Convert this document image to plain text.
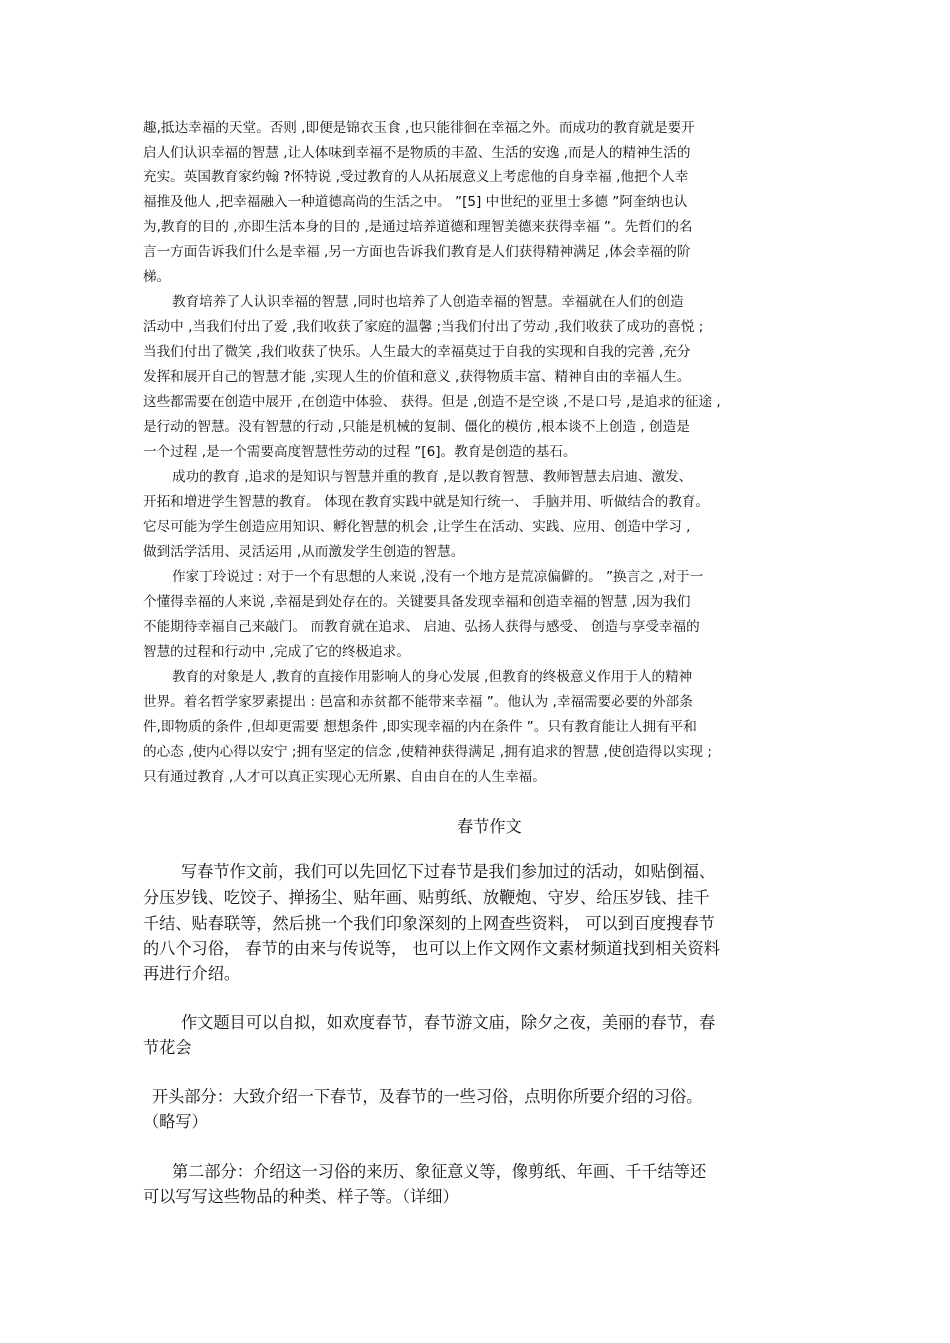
趣,抵达幸福的天堂。否则 ,即便是锦衣玉食 ,也只能徘徊在幸福之外。而成功的教育就是要开

启人们认识幸福的智慧 ,让人体味到幸福不是物质的丰盈、生活的安逸 ,而是人的精神生活的

充实。英国教育家约翰 ?怀特说 ,受过教育的人从拓展意义上考虑他的自身幸福 ,他把个人幸

福推及他人 ,把幸福融入一种道德高尚的生活之中。 ”[5] 中世纪的亚里士多德 ”阿奎纳也认

为,教育的目的 ,亦即生活本身的目的 ,是通过培养道德和理智美德来获得幸福 ”。先哲们的名

言一方面告诉我们什么是幸福 ,另一方面也告诉我们教育是人们获得精神满足 ,体会幸福的阶

梯。

教育培养了人认识幸福的智慧 ,同时也培养了人创造幸福的智慧。幸福就在人们的创造

活动中 ,当我们付出了爱 ,我们收获了家庭的温馨 ;当我们付出了劳动 ,我们收获了成功的喜悦 ;

当我们付出了微笑 ,我们收获了快乐。人生最大的幸福莫过于自我的实现和自我的完善 ,充分

发挥和展开自己的智慧才能 ,实现人生的价值和意义 ,获得物质丰富、精神自由的幸福人生。

这些都需要在创造中展开 ,在创造中体验、 获得。但是 ,创造不是空谈 ,不是口号 ,是追求的征途 ,

是行动的智慧。没有智慧的行动 ,只能是机械的复制、僵化的模仿 ,根本谈不上创造 , 创造是

一个过程 ,是一个需要高度智慧性劳动的过程 ”[6]。教育是创造的基石。

成功的教育 ,追求的是知识与智慧并重的教育 ,是以教育智慧、教师智慧去启迪、激发、

开拓和增进学生智慧的教育。 体现在教育实践中就是知行统一、 手脑并用、听做结合的教育。

它尽可能为学生创造应用知识、孵化智慧的机会 ,让学生在活动、实践、应用、创造中学习 ,

做到活学活用、灵活运用 ,从而激发学生创造的智慧。

作家丁玲说过 : 对于一个有思想的人来说 ,没有一个地方是荒凉偏僻的。 ”换言之 ,对于一

个懂得幸福的人来说 ,幸福是到处存在的。关键要具备发现幸福和创造幸福的智慧 ,因为我们

不能期待幸福自己来敲门。 而教育就在追求、 启迪、弘扬人获得与感受、 创造与享受幸福的

智慧的过程和行动中 ,完成了它的终极追求。

教育的对象是人 ,教育的直接作用影响人的身心发展 ,但教育的终极意义作用于人的精神

世界。着名哲学家罗素提出 : 邑富和赤贫都不能带来幸福 ”。他认为 ,幸福需要必要的外部条

件,即物质的条件 ,但却更需要 想想条件 ,即实现幸福的内在条件 ”。只有教育能让人拥有平和

的心态 ,使内心得以安宁 ;拥有坚定的信念 ,使精神获得满足 ,拥有追求的智慧 ,使创造得以实现 ;

只有通过教育 ,人才可以真正实现心无所累、自由自在的人生幸福。

春节作文

写春节作文前，我们可以先回忆下过春节是我们参加过的活动，如贴倒福、

分压岁钱、吃饺子、掸扬尘、贴年画、贴剪纸、放鞭炮、守岁、给压岁钱、挂千

千结、贴春联等，然后挑一个我们印象深刻的上网查些资料， 可以到百度搜春节

的八个习俗， 春节的由来与传说等， 也可以上作文网作文素材频道找到相关资料

再进行介绍。

作文题目可以自拟，如欢度春节，春节游文庙，除夕之夜，美丽的春节，春

节花会

开头部分：大致介绍一下春节，及春节的一些习俗，点明你所要介绍的习俗。

（略写）

第二部分：介绍这一习俗的来历、象征意义等，像剪纸、年画、千千结等还

可以写写这些物品的种类、样子等。（详细）
